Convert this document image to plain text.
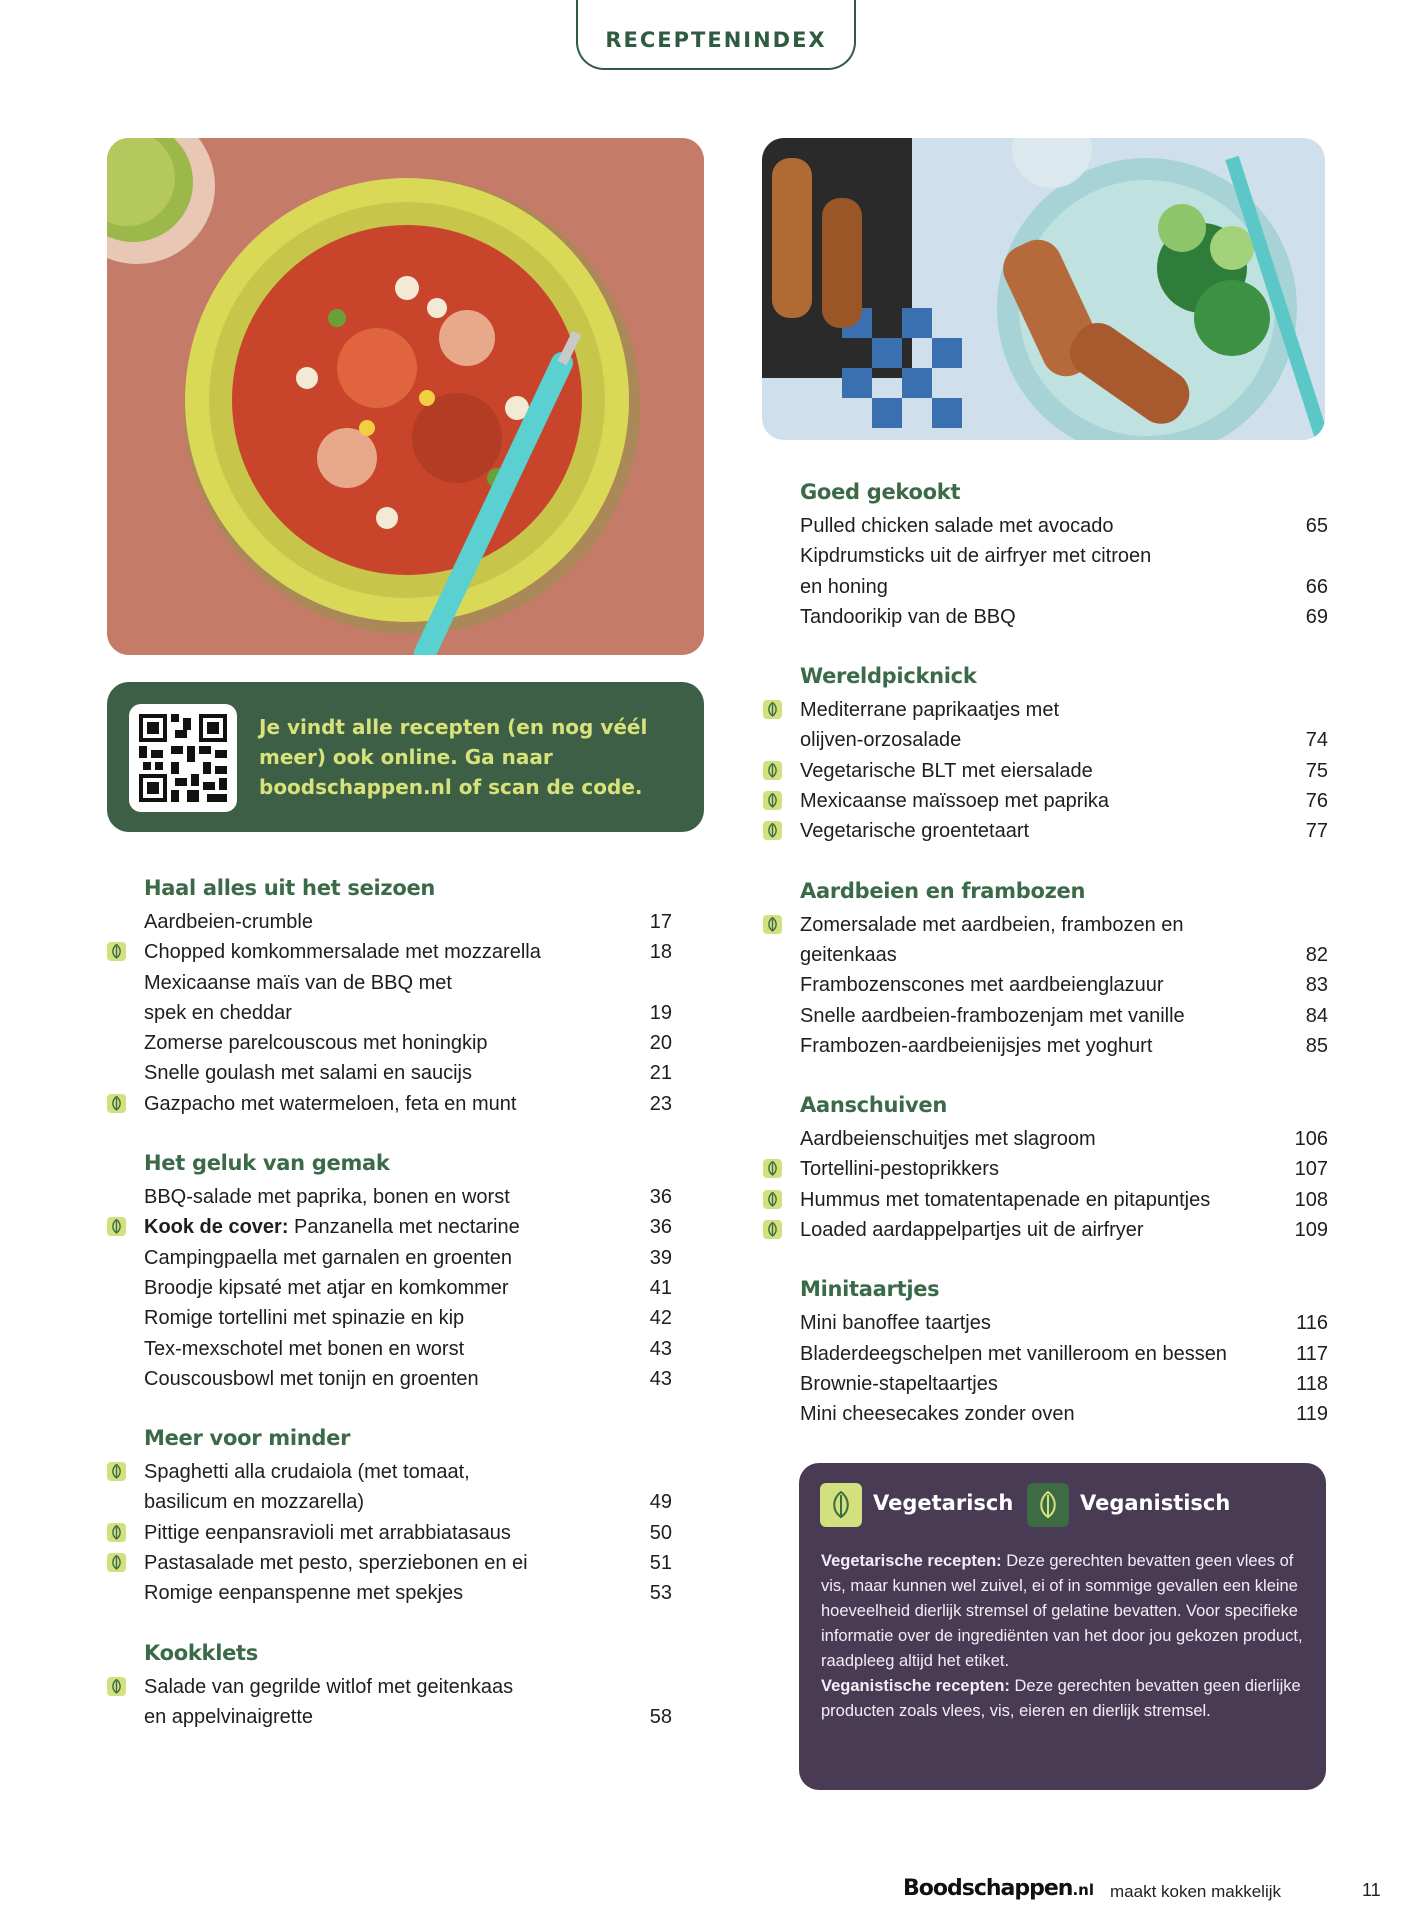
RECEPTENINDEX
Je vindt alle recepten (en nog véél meer) ook online. Ga naar boodschappen.nl of scan de code.
Haal alles uit het seizoen
Aardbeien-crumble	17
Chopped komkommersalade met mozzarella	18
Mexicaanse maïs van de BBQ met
spek en cheddar	19
Zomerse parelcouscous met honingkip	20
Snelle goulash met salami en saucijs	21
Gazpacho met watermeloen, feta en munt	23
Het geluk van gemak
BBQ-salade met paprika, bonen en worst	36
Kook de cover: Panzanella met nectarine	36
Campingpaella met garnalen en groenten	39
Broodje kipsaté met atjar en komkommer	41
Romige tortellini met spinazie en kip	42
Tex-mexschotel met bonen en worst	43
Couscousbowl met tonijn en groenten	43
Meer voor minder
Spaghetti alla crudaiola (met tomaat,
basilicum en mozzarella)	49
Pittige eenpansravioli met arrabbiatasaus	50
Pastasalade met pesto, sperziebonen en ei	51
Romige eenpanspenne met spekjes	53
Kookklets
Salade van gegrilde witlof met geitenkaas
en appelvinaigrette	58
Goed gekookt
Pulled chicken salade met avocado	65
Kipdrumsticks uit de airfryer met citroen
en honing	66
Tandoorikip van de BBQ	69
Wereldpicknick
Mediterrane paprikaatjes met
olijven-orzosalade	74
Vegetarische BLT met eiersalade	75
Mexicaanse maïssoep met paprika	76
Vegetarische groentetaart	77
Aardbeien en frambozen
Zomersalade met aardbeien, frambozen en
geitenkaas	82
Frambozenscones met aardbeienglazuur	83
Snelle aardbeien-frambozenjam met vanille	84
Frambozen-aardbeienijsjes met yoghurt	85
Aanschuiven
Aardbeienschuitjes met slagroom	106
Tortellini-pestoprikkers	107
Hummus met tomatentapenade en pitapuntjes	108
Loaded aardappelpartjes uit de airfryer	109
Minitaartjes
Mini banoffee taartjes	116
Bladerdeegschelpen met vanilleroom en bessen	117
Brownie-stapeltaartjes	118
Mini cheesecakes zonder oven	119
Vegetarisch	Veganistisch
Vegetarische recepten: Deze gerechten bevatten geen vlees of vis, maar kunnen wel zuivel, ei of in sommige gevallen een kleine hoeveelheid dierlijk stremsel of gelatine bevatten. Voor specifieke informatie over de ingrediënten van het door jou gekozen product, raadpleeg altijd het etiket.
Veganistische recepten: Deze gerechten bevatten geen dierlijke producten zoals vlees, vis, eieren en dierlijk stremsel.
Boodschappen.nl maakt koken makkelijk	11
